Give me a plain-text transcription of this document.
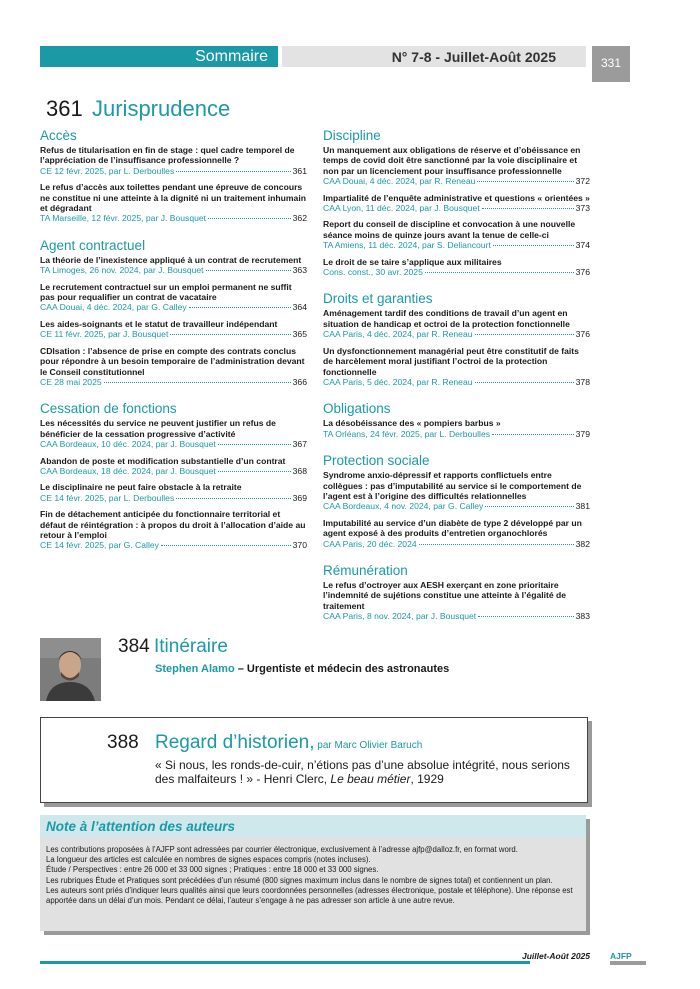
Sommaire	N° 7-8 - Juillet-Août 2025	331
361 Jurisprudence
Accès
Refus de titularisation en fin de stage : quel cadre temporel de l’appréciation de l’insuffisance professionnelle ?
CE 12 févr. 2025, par L. Derboulles	361
Le refus d’accès aux toilettes pendant une épreuve de concours ne constitue ni une atteinte à la dignité ni un traitement inhumain et dégradant
TA Marseille, 12 févr. 2025, par J. Bousquet	362
Agent contractuel
La théorie de l’inexistence appliqué à un contrat de recrutement
TA Limoges, 26 nov. 2024, par J. Bousquet	363
Le recrutement contractuel sur un emploi permanent ne suffit pas pour requalifier un contrat de vacataire
CAA Douai, 4 déc. 2024, par G. Calley	364
Les aides-soignants et le statut de travailleur indépendant
CE 11 févr. 2025, par J. Bousquet	365
CDIsation : l’absence de prise en compte des contrats conclus pour répondre à un besoin temporaire de l’administration devant le Conseil constitutionnel
CE 28 mai 2025	366
Cessation de fonctions
Les nécessités du service ne peuvent justifier un refus de bénéficier de la cessation progressive d’activité
CAA Bordeaux, 10 déc. 2024, par J. Bousquet	367
Abandon de poste et modification substantielle d’un contrat
CAA Bordeaux, 18 déc. 2024, par J. Bousquet	368
Le disciplinaire ne peut faire obstacle à la retraite
CE 14 févr. 2025, par L. Derboulles	369
Fin de détachement anticipée du fonctionnaire territorial et défaut de réintégration : à propos du droit à l’allocation d’aide au retour à l’emploi
CE 14 févr. 2025, par G. Calley	370
Discipline
Un manquement aux obligations de réserve et d’obéissance en temps de covid doit être sanctionné par la voie disciplinaire et non par un licenciement pour insuffisance professionnelle
CAA Douai, 4 déc. 2024, par R. Reneau	372
Impartialité de l’enquête administrative et questions « orientées »
CAA Lyon, 11 déc. 2024, par J. Bousquet	373
Report du conseil de discipline et convocation à une nouvelle séance moins de quinze jours avant la tenue de celle-ci
TA Amiens, 11 déc. 2024, par S. Deliancourt	374
Le droit de se taire s’applique aux militaires
Cons. const., 30 avr. 2025	376
Droits et garanties
Aménagement tardif des conditions de travail d’un agent en situation de handicap et octroi de la protection fonctionnelle
CAA Paris, 4 déc. 2024, par R. Reneau	376
Un dysfonctionnement managérial peut être constitutif de faits de harcèlement moral justifiant l’octroi de la protection fonctionnelle
CAA Paris, 5 déc. 2024, par R. Reneau	378
Obligations
La désobéissance des « pompiers barbus »
TA Orléans, 24 févr. 2025, par L. Derboulles	379
Protection sociale
Syndrome anxio-dépressif et rapports conflictuels entre collègues : pas d’imputabilité au service si le comportement de l’agent est à l’origine des difficultés relationnelles
CAA Bordeaux, 4 nov. 2024, par G. Calley	381
Imputabilité au service d’un diabète de type 2 développé par un agent exposé à des produits d’entretien organochlorés
CAA Paris, 20 déc. 2024	382
Rémunération
Le refus d’octroyer aux AESH exerçant en zone prioritaire l’indemnité de sujétions constitue une atteinte à l’égalité de traitement
CAA Paris, 8 nov. 2024, par J. Bousquet	383
384 Itinéraire
Stephen Alamo – Urgentiste et médecin des astronautes
388 Regard d’historien, par Marc Olivier Baruch
« Si nous, les ronds-de-cuir, n’étions pas d’une absolue intégrité, nous serions des malfaiteurs ! » - Henri Clerc, Le beau métier, 1929
Note à l’attention des auteurs
Les contributions proposées à l’AJFP sont adressées par courrier électronique, exclusivement à l’adresse ajfp@dalloz.fr, en format word.
La longueur des articles est calculée en nombres de signes espaces compris (notes incluses).
Étude / Perspectives : entre 26 000 et 33 000 signes ; Pratiques : entre 18 000 et 33 000 signes.
Les rubriques Étude et Pratiques sont précédées d’un résumé (800 signes maximum inclus dans le nombre de signes total) et contiennent un plan.
Les auteurs sont priés d’indiquer leurs qualités ainsi que leurs coordonnées personnelles (adresses électronique, postale et téléphone). Une réponse est apportée dans un délai d’un mois. Pendant ce délai, l’auteur s’engage à ne pas adresser son article à une autre revue.
Juillet-Août 2025 AJFP
